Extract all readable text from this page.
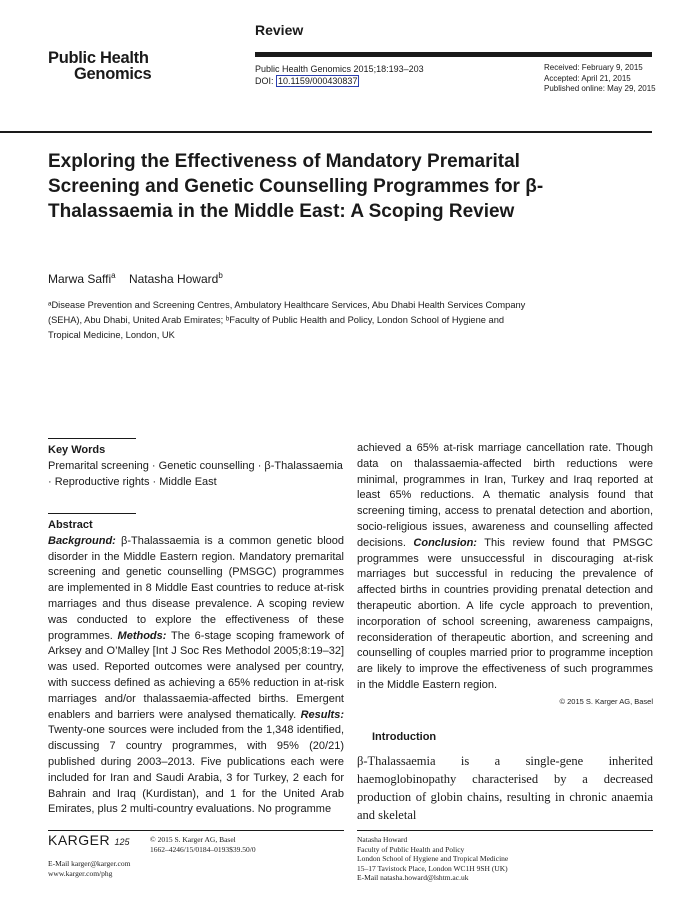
Public Health
Genomics
Review
Public Health Genomics 2015;18:193–203
DOI: 10.1159/000430837
Received: February 9, 2015
Accepted: April 21, 2015
Published online: May 29, 2015
Exploring the Effectiveness of Mandatory Premarital Screening and Genetic Counselling Programmes for β-Thalassaemia in the Middle East: A Scoping Review
Marwa Saffi$^a$ Natasha Howard$^b$
ᵃDisease Prevention and Screening Centres, Ambulatory Healthcare Services, Abu Dhabi Health Services Company (SEHA), Abu Dhabi, United Arab Emirates; ᵇFaculty of Public Health and Policy, London School of Hygiene and Tropical Medicine, London, UK
Key Words
Premarital screening · Genetic counselling · β-Thalassaemia · Reproductive rights · Middle East
Abstract
Background: β-Thalassaemia is a common genetic blood disorder in the Middle Eastern region. Mandatory premarital screening and genetic counselling (PMSGC) programmes are implemented in 8 Middle East countries to reduce at-risk marriages and thus disease prevalence. A scoping review was conducted to explore the effectiveness of these programmes. Methods: The 6-stage scoping framework of Arksey and O’Malley [Int J Soc Res Methodol 2005;8:19–32] was used. Reported outcomes were analysed per country, with success defined as achieving a 65% reduction in at-risk marriages and/or thalassaemia-affected births. Emergent enablers and barriers were analysed thematically. Results: Twenty-one sources were included from the 1,348 identified, discussing 7 country programmes, with 95% (20/21) published during 2003–2013. Five publications each were included for Iran and Saudi Arabia, 3 for Turkey, 2 each for Bahrain and Iraq (Kurdistan), and 1 for the United Arab Emirates, plus 2 multi-country evaluations. No programme
achieved a 65% at-risk marriage cancellation rate. Though data on thalassaemia-affected birth reductions were minimal, programmes in Iran, Turkey and Iraq reported at least 65% reductions. A thematic analysis found that screening timing, access to prenatal detection and abortion, socio-religious issues, awareness and counselling affected decisions. Conclusion: This review found that PMSGC programmes were unsuccessful in discouraging at-risk marriages but successful in reducing the prevalence of affected births in countries providing prenatal detection and therapeutic abortion. A life cycle approach to prevention, incorporation of school screening, awareness campaigns, reconsideration of therapeutic abortion, and screening and counselling of couples married prior to programme inception are likely to improve the effectiveness of such programmes in the Middle Eastern region.
© 2015 S. Karger AG, Basel
Introduction
β-Thalassaemia is a single-gene inherited haemoglobinopathy characterised by a decreased production of globin chains, resulting in chronic anaemia and skeletal
KARGER 125	© 2015 S. Karger AG, Basel
1662–4246/15/0184–0193$39.50/0
E-Mail karger@karger.com
www.karger.com/phg
Natasha Howard
Faculty of Public Health and Policy
London School of Hygiene and Tropical Medicine
15–17 Tavistock Place, London WC1H 9SH (UK)
E-Mail natasha.howard@lshtm.ac.uk
